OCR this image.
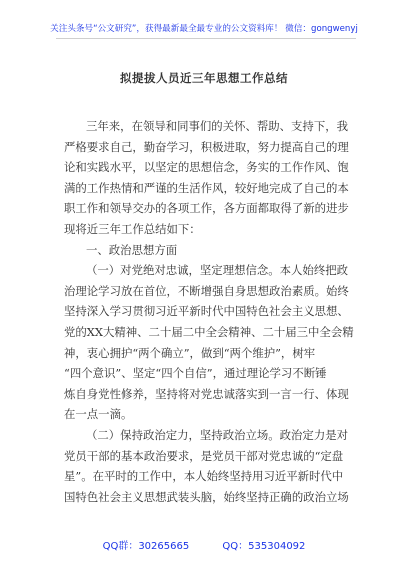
关注头条号“公文研究”，获得最新最全最专业的公文资料库！ 微信：gongwenyj
拟提拔人员近三年思想工作总结
三年来，在领导和同事们的关怀、帮助、支持下，我
严格要求自己，勤奋学习，积极进取，努力提高自己的理
论和实践水平，以坚定的思想信念，务实的工作作风、饱
满的工作热情和严谨的生活作风，较好地完成了自己的本
职工作和领导交办的各项工作，各方面都取得了新的进步
现将近三年工作总结如下：
一、政治思想方面
（一）对党绝对忠诚，坚定理想信念。本人始终把政
治理论学习放在首位，不断增强自身思想政治素质。始终
坚持深入学习贯彻习近平新时代中国特色社会主义思想、
党的XX大精神、二十届二中全会精神、二十届三中全会精
神，衷心拥护“两个确立”，做到“两个维护”，树牢
“四个意识”、坚定“四个自信”，通过理论学习不断锤
炼自身党性修养，坚持将对党忠诚落实到一言一行、体现
在一点一滴。
（二）保持政治定力，坚持政治立场。政治定力是对
党员干部的基本政治要求，是党员干部对党忠诚的“定盘
星”。在平时的工作中，本人始终坚持用习近平新时代中
国特色社会主义思想武装头脑，始终坚持正确的政治立场
QQ群：30265665	QQ：535304092
